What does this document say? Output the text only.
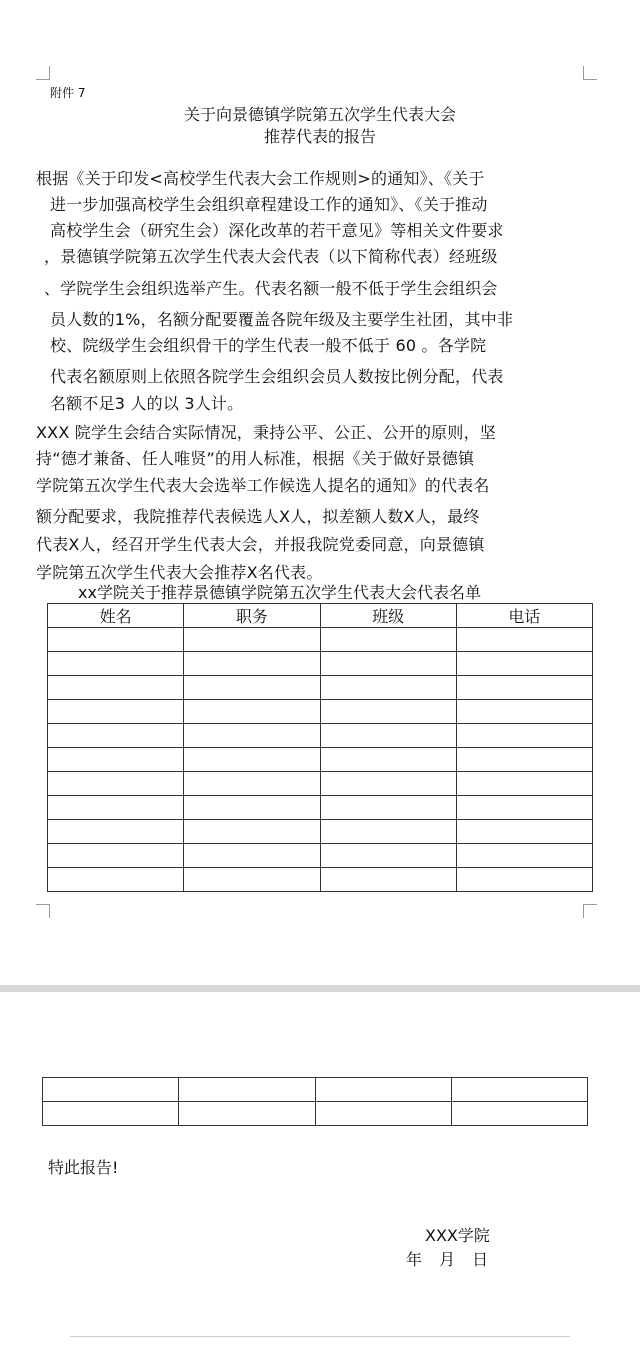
附件 7
关于向景德镇学院第五次学生代表大会
推荐代表的报告
根据《关于印发<高校学生代表大会工作规则>的通知》、《关于
进一步加强高校学生会组织章程建设工作的通知》、《关于推动
高校学生会（研究生会）深化改革的若干意见》等相关文件要求
，景德镇学院第五次学生代表大会代表（以下简称代表）经班级
、学院学生会组织选举产生。代表名额一般不低于学生会组织会
员人数的1%，名额分配要覆盖各院年级及主要学生社团，其中非
校、院级学生会组织骨干的学生代表一般不低于 60 。各学院
代表名额原则上依照各院学生会组织会员人数按比例分配，代表
名额不足3 人的以 3人计。
XXX 院学生会结合实际情况，秉持公平、公正、公开的原则，坚
持“德才兼备、任人唯贤”的用人标准，根据《关于做好景德镇
学院第五次学生代表大会选举工作候选人提名的通知》的代表名
额分配要求，我院推荐代表候选人X人，拟差额人数X人，最终
代表X人，经召开学生代表大会，并报我院党委同意，向景德镇
学院第五次学生代表大会推荐X名代表。
xx学院关于推荐景德镇学院第五次学生代表大会代表名单
姓名	职务	班级	电话

特此报告!
XXX学院
年 月 日
